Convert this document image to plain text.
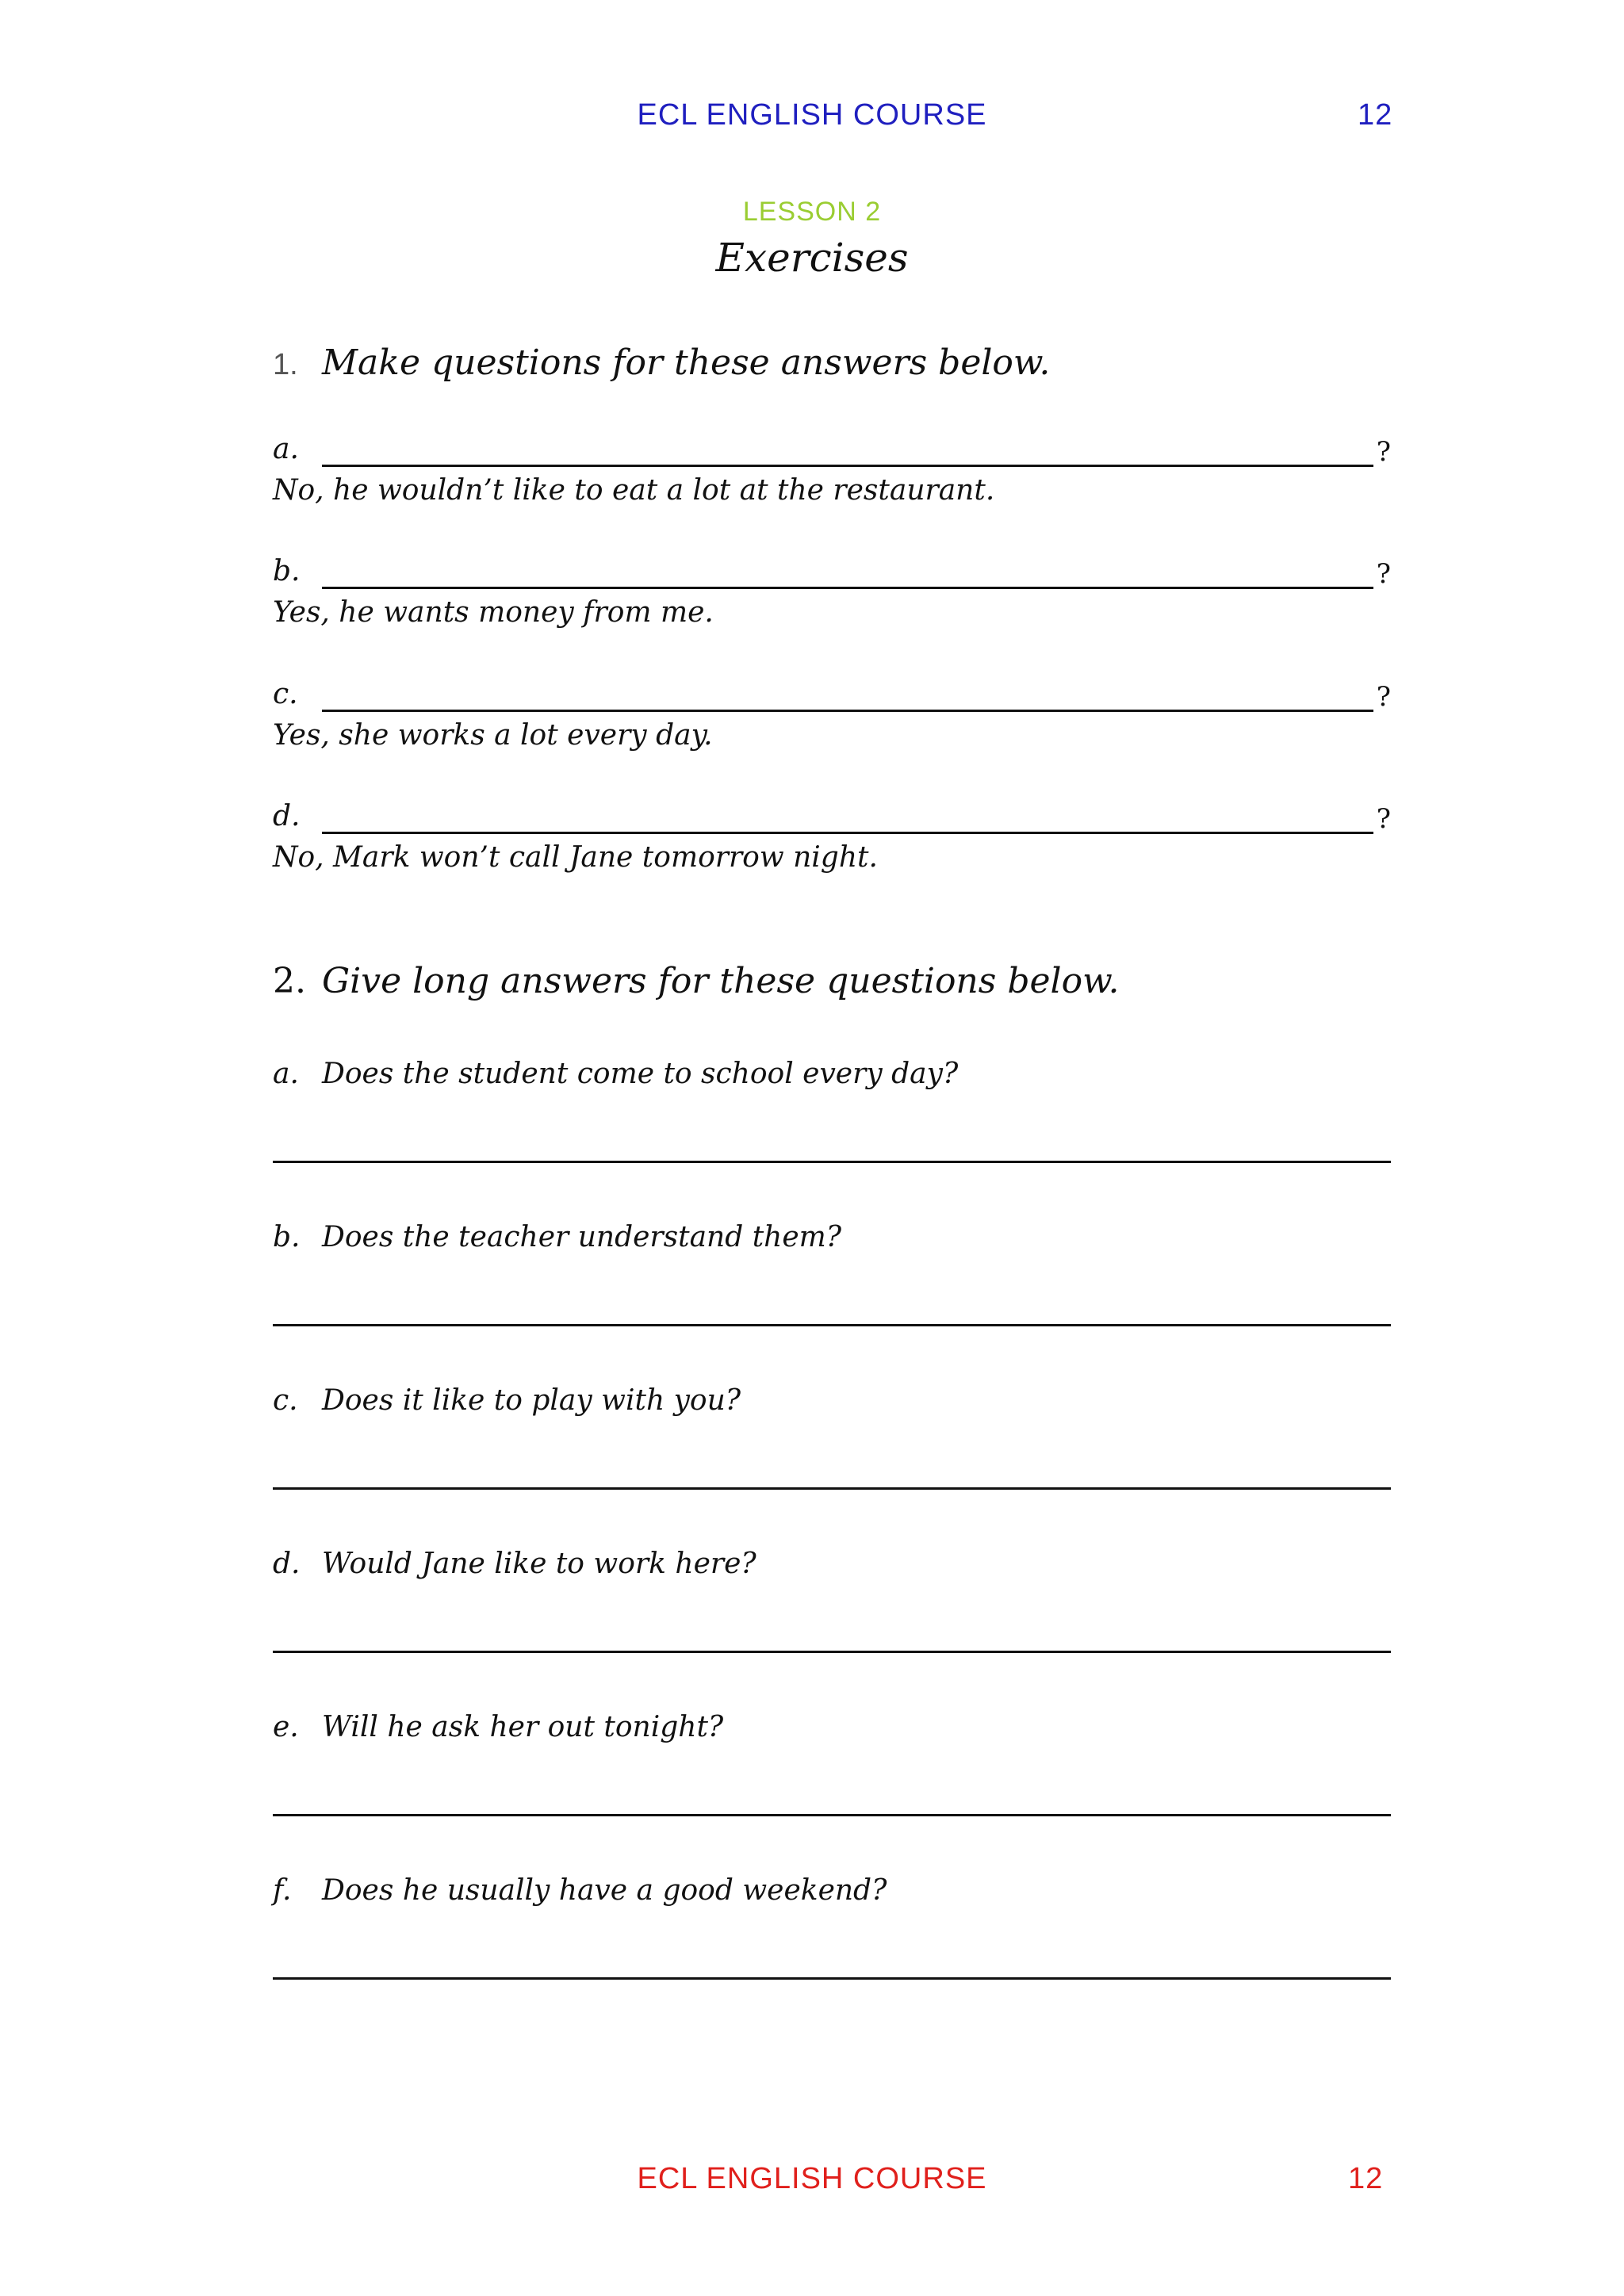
ECL ENGLISH COURSE	12
LESSON 2
Exercises
1. Make questions for these answers below.
a.	?
No, he wouldn’t like to eat a lot at the restaurant.
b.	?
Yes, he wants money from me.
c.	?
Yes, she works a lot every day.
d.	?
No, Mark won’t call Jane tomorrow night.
2. Give long answers for these questions below.
a. Does the student come to school every day?
b. Does the teacher understand them?
c. Does it like to play with you?
d. Would Jane like to work here?
e. Will he ask her out tonight?
f. Does he usually have a good weekend?
ECL ENGLISH COURSE	12
